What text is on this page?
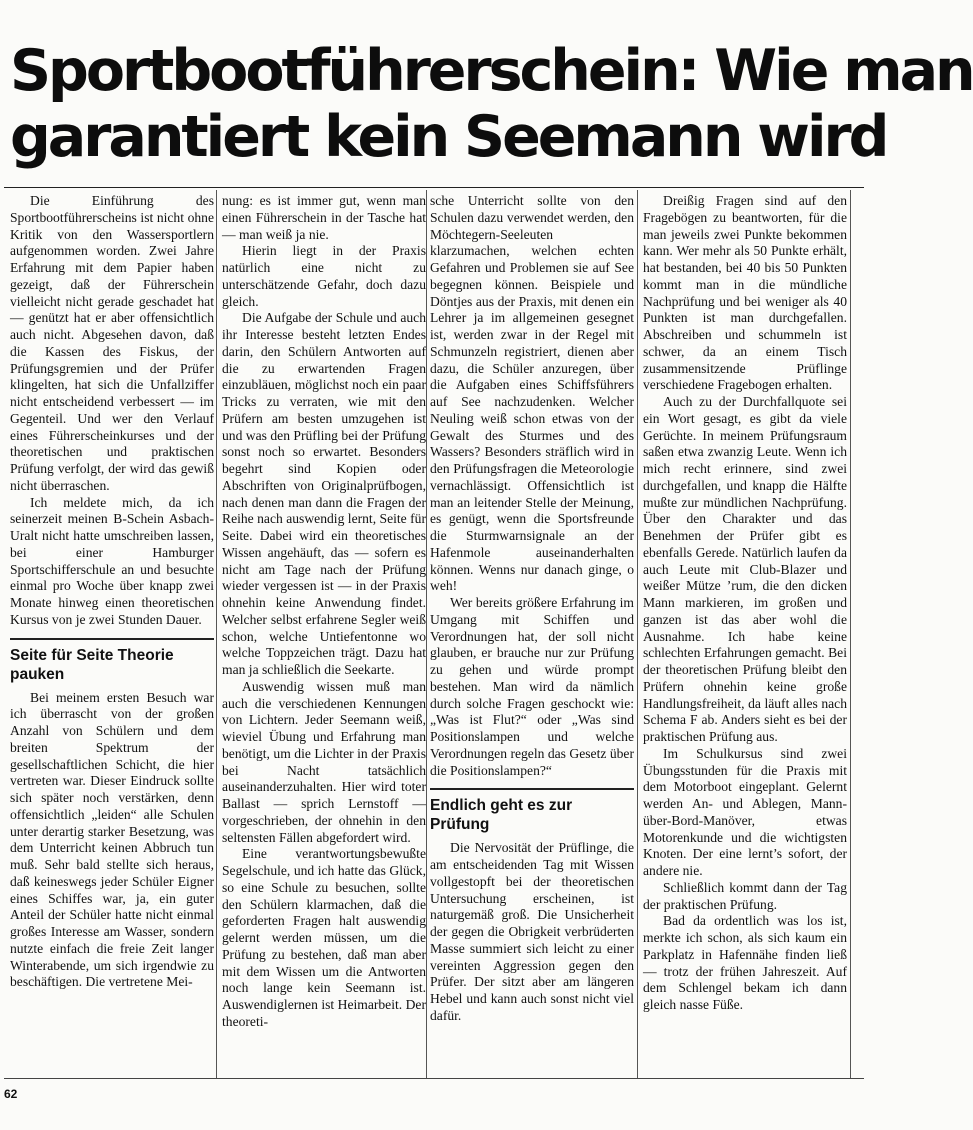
Sportbootführerschein: Wie man
garantiert kein Seemann wird

Die Einführung des Sportbootführerscheins ist nicht ohne Kritik von den Wassersportlern aufgenommen worden. Zwei Jahre Erfahrung mit dem Papier haben gezeigt, daß der Führerschein vielleicht nicht gerade geschadet hat — genützt hat er aber offensichtlich auch nicht. Abgesehen davon, daß die Kassen des Fiskus, der Prüfungsgremien und der Prüfer klingelten, hat sich die Unfallziffer nicht entscheidend verbessert — im Gegenteil. Und wer den Verlauf eines Führerscheinkurses und der theoretischen und praktischen Prüfung verfolgt, der wird das gewiß nicht überraschen.

Ich meldete mich, da ich seinerzeit meinen B-Schein Asbach-Uralt nicht hatte umschreiben lassen, bei einer Hamburger Sportschifferschule an und besuchte einmal pro Woche über knapp zwei Monate hinweg einen theoretischen Kursus von je zwei Stunden Dauer.

Seite für Seite Theorie pauken

Bei meinem ersten Besuch war ich überrascht von der großen Anzahl von Schülern und dem breiten Spektrum der gesellschaftlichen Schicht, die hier vertreten war. Dieser Eindruck sollte sich später noch verstärken, denn offensichtlich „leiden“ alle Schulen unter derartig starker Besetzung, was dem Unterricht keinen Abbruch tun muß. Sehr bald stellte sich heraus, daß keineswegs jeder Schüler Eigner eines Schiffes war, ja, ein guter Anteil der Schüler hatte nicht einmal großes Interesse am Wasser, sondern nutzte einfach die freie Zeit langer Winterabende, um sich irgendwie zu beschäftigen. Die vertretene Mei-

nung: es ist immer gut, wenn man einen Führerschein in der Tasche hat — man weiß ja nie.

Hierin liegt in der Praxis natürlich eine nicht zu unterschätzende Gefahr, doch dazu gleich.

Die Aufgabe der Schule und auch ihr Interesse besteht letzten Endes darin, den Schülern Antworten auf die zu erwartenden Fragen einzubläuen, möglichst noch ein paar Tricks zu verraten, wie mit den Prüfern am besten umzugehen ist und was den Prüfling bei der Prüfung sonst noch so erwartet. Besonders begehrt sind Kopien oder Abschriften von Originalprüfbogen, nach denen man dann die Fragen der Reihe nach auswendig lernt, Seite für Seite. Dabei wird ein theoretisches Wissen angehäuft, das — sofern es nicht am Tage nach der Prüfung wieder vergessen ist — in der Praxis ohnehin keine Anwendung findet. Welcher selbst erfahrene Segler weiß schon, welche Untiefentonne wo welche Toppzeichen trägt. Dazu hat man ja schließlich die Seekarte.

Auswendig wissen muß man auch die verschiedenen Kennungen von Lichtern. Jeder Seemann weiß, wieviel Übung und Erfahrung man benötigt, um die Lichter in der Praxis bei Nacht tatsächlich auseinanderzuhalten. Hier wird toter Ballast — sprich Lernstoff — vorgeschrieben, der ohnehin in den seltensten Fällen abgefordert wird.

Eine verantwortungsbewußte Segelschule, und ich hatte das Glück, so eine Schule zu besuchen, sollte den Schülern klarmachen, daß die geforderten Fragen halt auswendig gelernt werden müssen, um die Prüfung zu bestehen, daß man aber mit dem Wissen um die Antworten noch lange kein Seemann ist. Auswendiglernen ist Heimarbeit. Der theoreti-

sche Unterricht sollte von den Schulen dazu verwendet werden, den Möchtegern-Seeleuten klarzumachen, welchen echten Gefahren und Problemen sie auf See begegnen können. Beispiele und Döntjes aus der Praxis, mit denen ein Lehrer ja im allgemeinen gesegnet ist, werden zwar in der Regel mit Schmunzeln registriert, dienen aber dazu, die Schüler anzuregen, über die Aufgaben eines Schiffsführers auf See nachzudenken. Welcher Neuling weiß schon etwas von der Gewalt des Sturmes und des Wassers? Besonders sträflich wird in den Prüfungsfragen die Meteorologie vernachlässigt. Offensichtlich ist man an leitender Stelle der Meinung, es genügt, wenn die Sportsfreunde die Sturmwarnsignale an der Hafenmole auseinanderhalten können. Wenns nur danach ginge, o weh!

Wer bereits größere Erfahrung im Umgang mit Schiffen und Verordnungen hat, der soll nicht glauben, er brauche nur zur Prüfung zu gehen und würde prompt bestehen. Man wird da nämlich durch solche Fragen geschockt wie: „Was ist Flut?“ oder „Was sind Positionslampen und welche Verordnungen regeln das Gesetz über die Positionslampen?“

Endlich geht es zur Prüfung

Die Nervosität der Prüflinge, die am entscheidenden Tag mit Wissen vollgestopft bei der theoretischen Untersuchung erscheinen, ist naturgemäß groß. Die Unsicherheit der gegen die Obrigkeit verbrüderten Masse summiert sich leicht zu einer vereinten Aggression gegen den Prüfer. Der sitzt aber am längeren Hebel und kann auch sonst nicht viel dafür.

Dreißig Fragen sind auf den Fragebögen zu beantworten, für die man jeweils zwei Punkte bekommen kann. Wer mehr als 50 Punkte erhält, hat bestanden, bei 40 bis 50 Punkten kommt man in die mündliche Nachprüfung und bei weniger als 40 Punkten ist man durchgefallen. Abschreiben und schummeln ist schwer, da an einem Tisch zusammensitzende Prüflinge verschiedene Fragebogen erhalten.

Auch zu der Durchfallquote sei ein Wort gesagt, es gibt da viele Gerüchte. In meinem Prüfungsraum saßen etwa zwanzig Leute. Wenn ich mich recht erinnere, sind zwei durchgefallen, und knapp die Hälfte mußte zur mündlichen Nachprüfung. Über den Charakter und das Benehmen der Prüfer gibt es ebenfalls Gerede. Natürlich laufen da auch Leute mit Club-Blazer und weißer Mütze ’rum, die den dicken Mann markieren, im großen und ganzen ist das aber wohl die Ausnahme. Ich habe keine schlechten Erfahrungen gemacht. Bei der theoretischen Prüfung bleibt den Prüfern ohnehin keine große Handlungsfreiheit, da läuft alles nach Schema F ab. Anders sieht es bei der praktischen Prüfung aus.

Im Schulkursus sind zwei Übungsstunden für die Praxis mit dem Motorboot eingeplant. Gelernt werden An- und Ablegen, Mann-über-Bord-Manöver, etwas Motorenkunde und die wichtigsten Knoten. Der eine lernt’s sofort, der andere nie.

Schließlich kommt dann der Tag der praktischen Prüfung.

Bad da ordentlich was los ist, merkte ich schon, als sich kaum ein Parkplatz in Hafennähe finden ließ — trotz der frühen Jahreszeit. Auf dem Schlengel bekam ich dann gleich nasse Füße.

62
